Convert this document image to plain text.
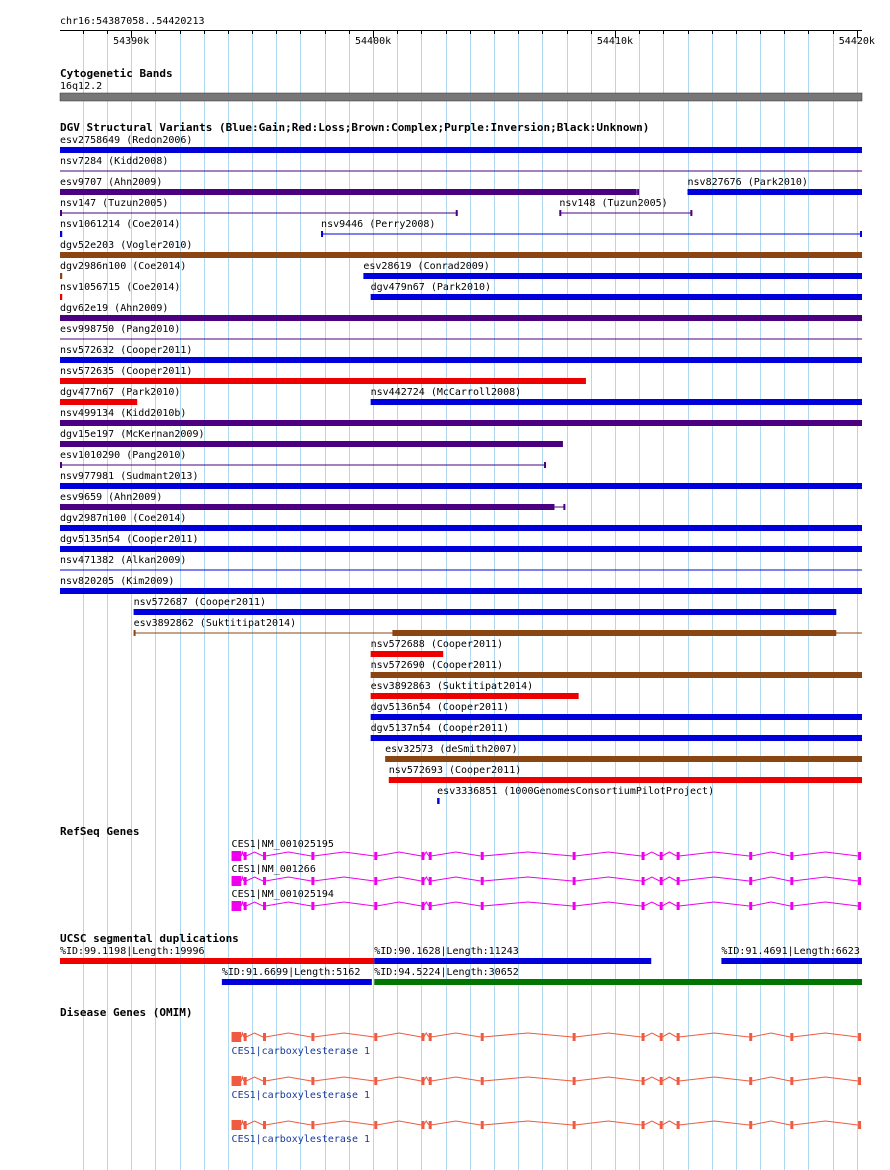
chr16:54387058..54420213
54390k	54400k	54410k	54420k
Cytogenetic Bands
16q12.2
DGV Structural Variants (Blue:Gain;Red:Loss;Brown:Complex;Purple:Inversion;Black:Unknown)
esv2758649 (Redon2006)
nsv7284 (Kidd2008)
esv9707 (Ahn2009)	nsv827676 (Park2010)
nsv147 (Tuzun2005)	nsv148 (Tuzun2005)
nsv1061214 (Coe2014)	nsv9446 (Perry2008)
dgv52e203 (Vogler2010)
dgv2986n100 (Coe2014)	esv28619 (Conrad2009)
nsv1056715 (Coe2014)	dgv479n67 (Park2010)
dgv62e19 (Ahn2009)
esv998750 (Pang2010)
nsv572632 (Cooper2011)
nsv572635 (Cooper2011)
dgv477n67 (Park2010)	nsv442724 (McCarroll2008)
nsv499134 (Kidd2010b)
dgv15e197 (McKernan2009)
esv1010290 (Pang2010)
nsv977981 (Sudmant2013)
esv9659 (Ahn2009)
dgv2987n100 (Coe2014)
dgv5135n54 (Cooper2011)
nsv471382 (Alkan2009)
nsv820205 (Kim2009)
nsv572687 (Cooper2011)
esv3892862 (Suktitipat2014)
nsv572688 (Cooper2011)
nsv572690 (Cooper2011)
esv3892863 (Suktitipat2014)
dgv5136n54 (Cooper2011)
dgv5137n54 (Cooper2011)
esv32573 (deSmith2007)
nsv572693 (Cooper2011)
esv3336851 (1000GenomesConsortiumPilotProject)
RefSeq Genes
CES1|NM_001025195
CES1|NM_001266
CES1|NM_001025194
UCSC segmental duplications
%ID:99.1198|Length:19996	%ID:90.1628|Length:11243	%ID:91.4691|Length:6623
%ID:91.6699|Length:5162 %ID:94.5224|Length:30652
Disease Genes (OMIM)
CES1|carboxylesterase 1
CES1|carboxylesterase 1
CES1|carboxylesterase 1
